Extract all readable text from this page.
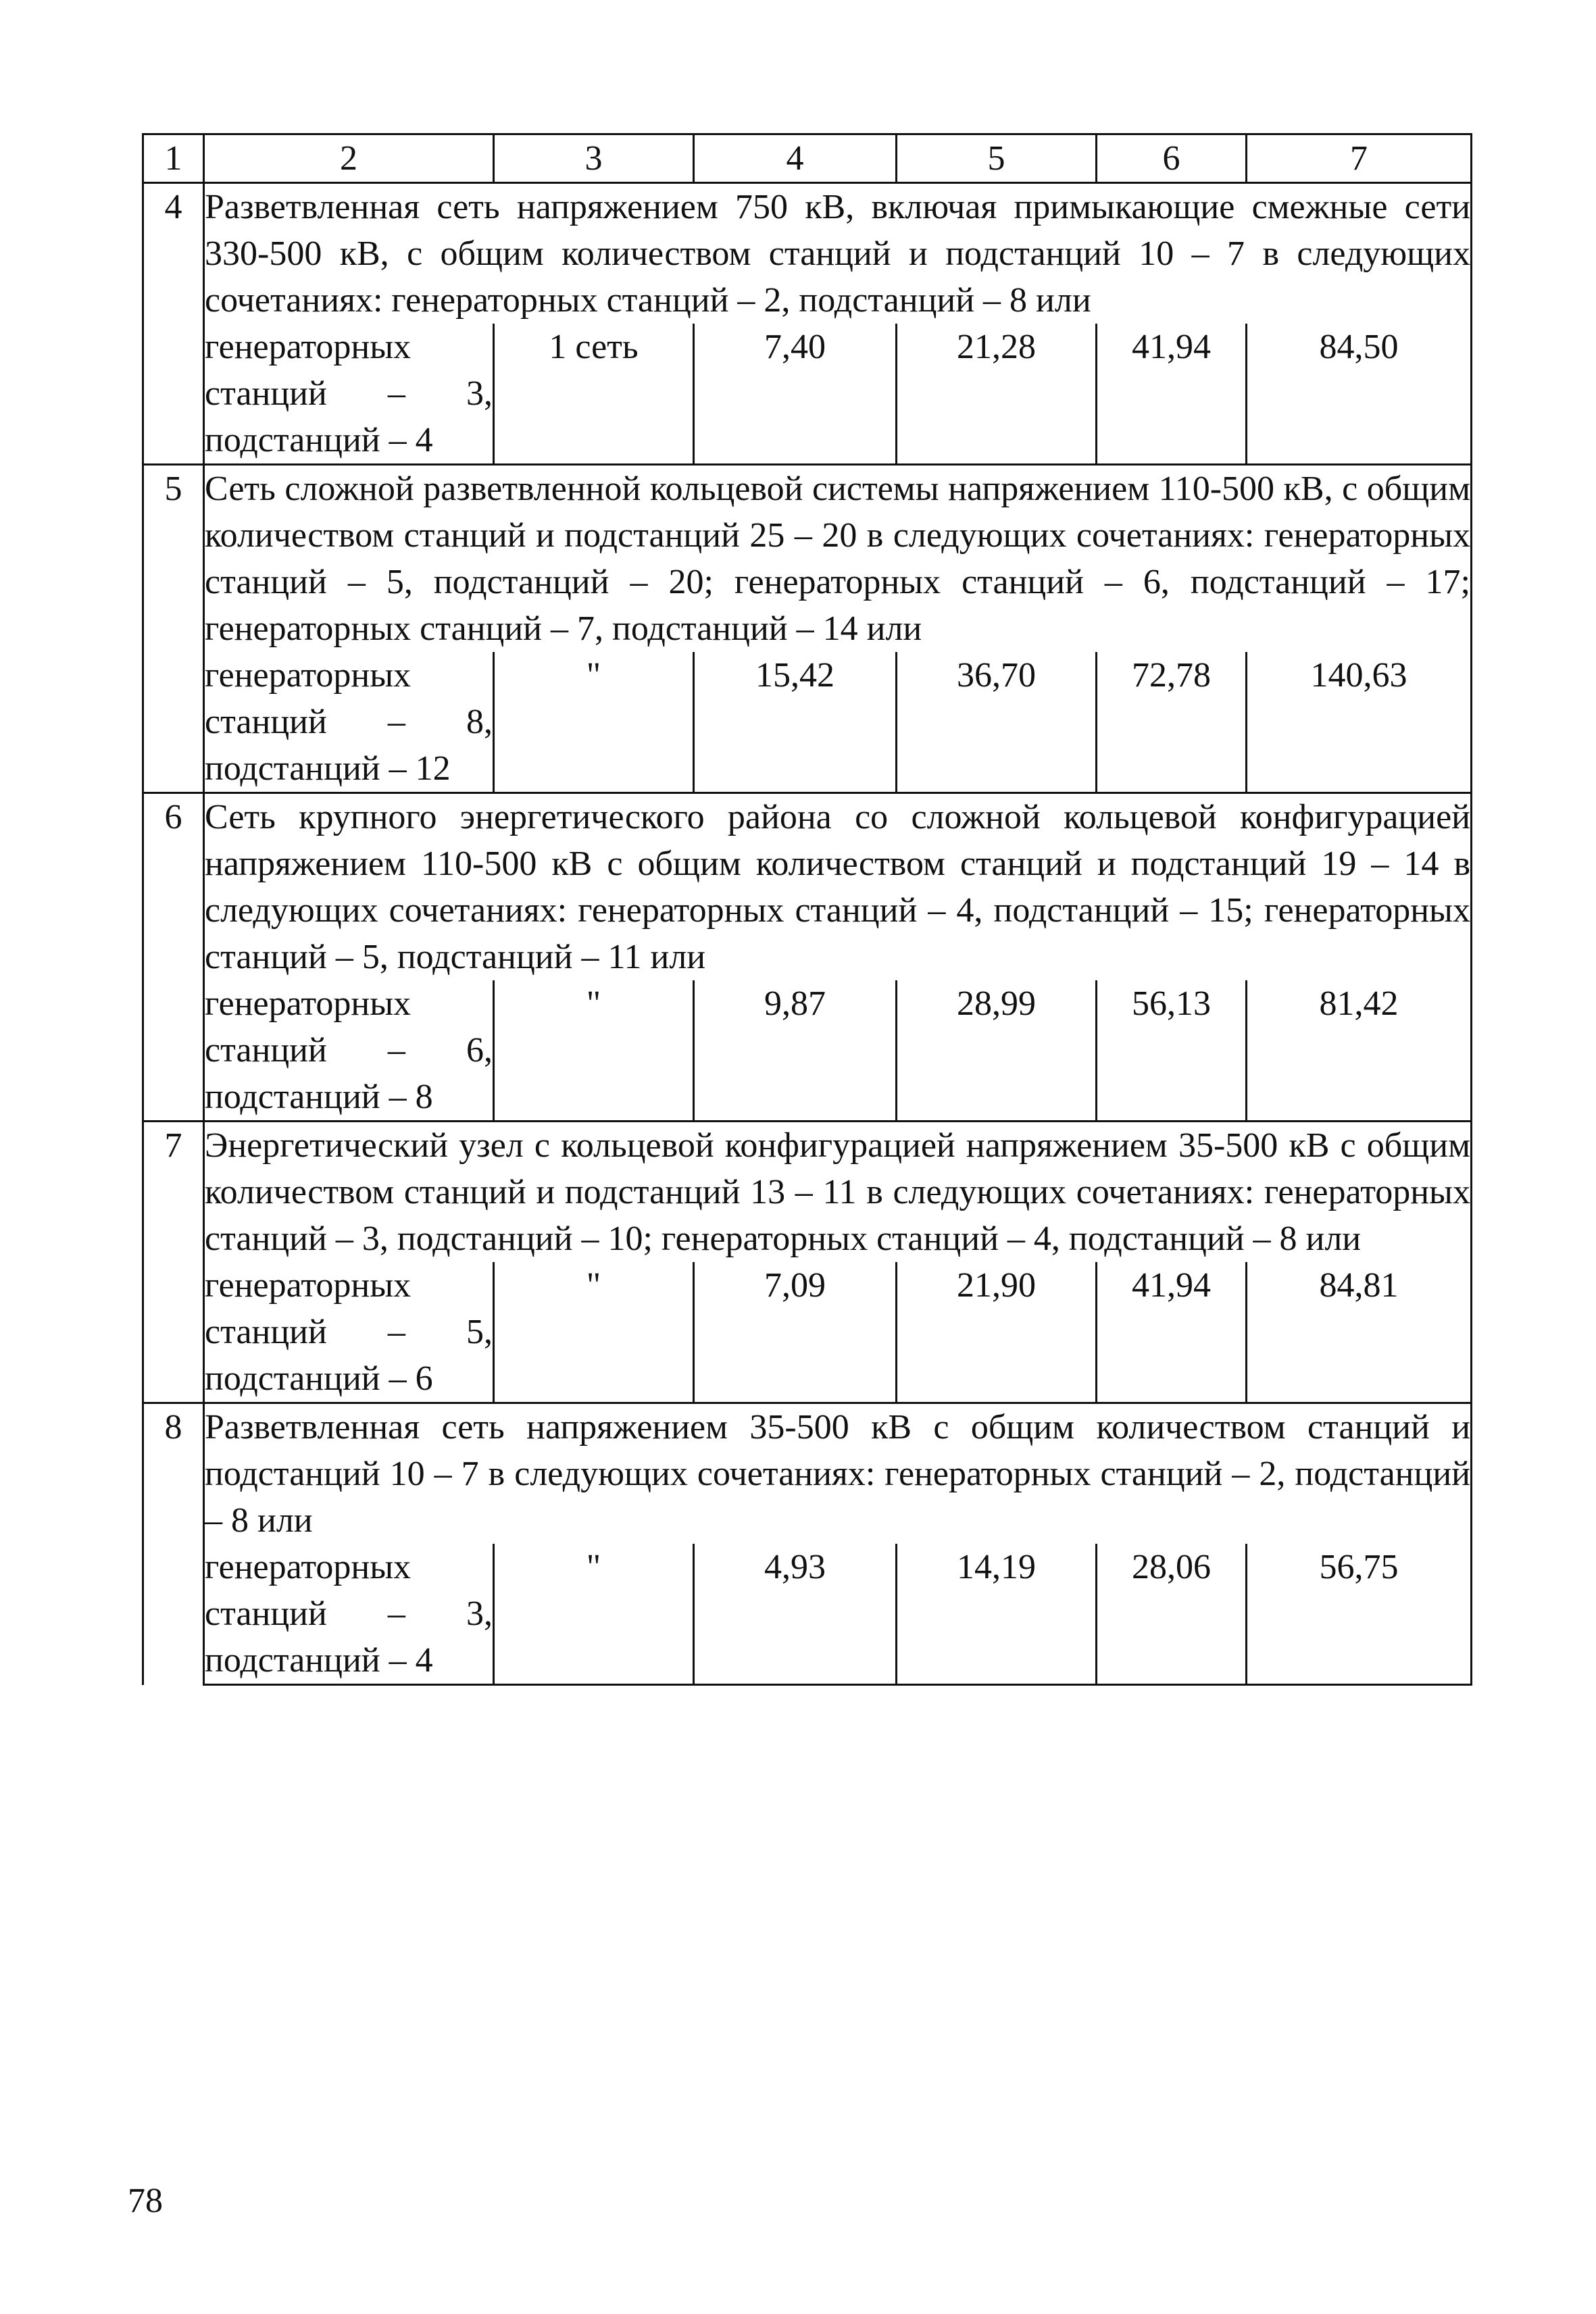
1	2	3	4	5	6	7
4	Разветвленная сеть напряжением 750 кВ, включая примыкающие смежные сети 330-500 кВ, с общим количеством станций и подстанций 10 – 7 в следующих сочетаниях: генераторных станций – 2, подстанций – 8 или					

	генераторных
станций – 3,
подстанций – 4	1 сеть	7,40	21,28	41,94	84,50
5	Сеть сложной разветвленной кольцевой системы напряжением 110-500 кВ, с общим количеством станций и подстанций 25 – 20 в следующих сочетаниях: генераторных станций – 5, подстанций – 20; генераторных станций – 6, подстанций – 17; генераторных станций – 7, подстанций – 14 или					

	генераторных
станций – 8,
подстанций – 12	"	15,42	36,70	72,78	140,63
6	Сеть крупного энергетического района со сложной кольцевой конфигурацией напряжением 110-500 кВ с общим количеством станций и подстанций 19 – 14 в следующих сочетаниях: генераторных станций – 4, подстанций – 15; генераторных станций – 5, подстанций – 11 или					

	генераторных
станций – 6,
подстанций – 8	"	9,87	28,99	56,13	81,42
7	Энергетический узел с кольцевой конфигурацией напряжением 35-500 кВ с общим количеством станций и подстанций 13 – 11 в следующих сочетаниях: генераторных станций – 3, подстанций – 10; генераторных станций – 4, подстанций – 8 или					

	генераторных
станций – 5,
подстанций – 6	"	7,09	21,90	41,94	84,81
8	Разветвленная сеть напряжением 35-500 кВ с общим количеством станций и подстанций 10 – 7 в следующих сочетаниях: генераторных станций – 2, подстанций – 8 или					

	генераторных
станций – 3,
подстанций – 4	"	4,93	14,19	28,06	56,75
78
